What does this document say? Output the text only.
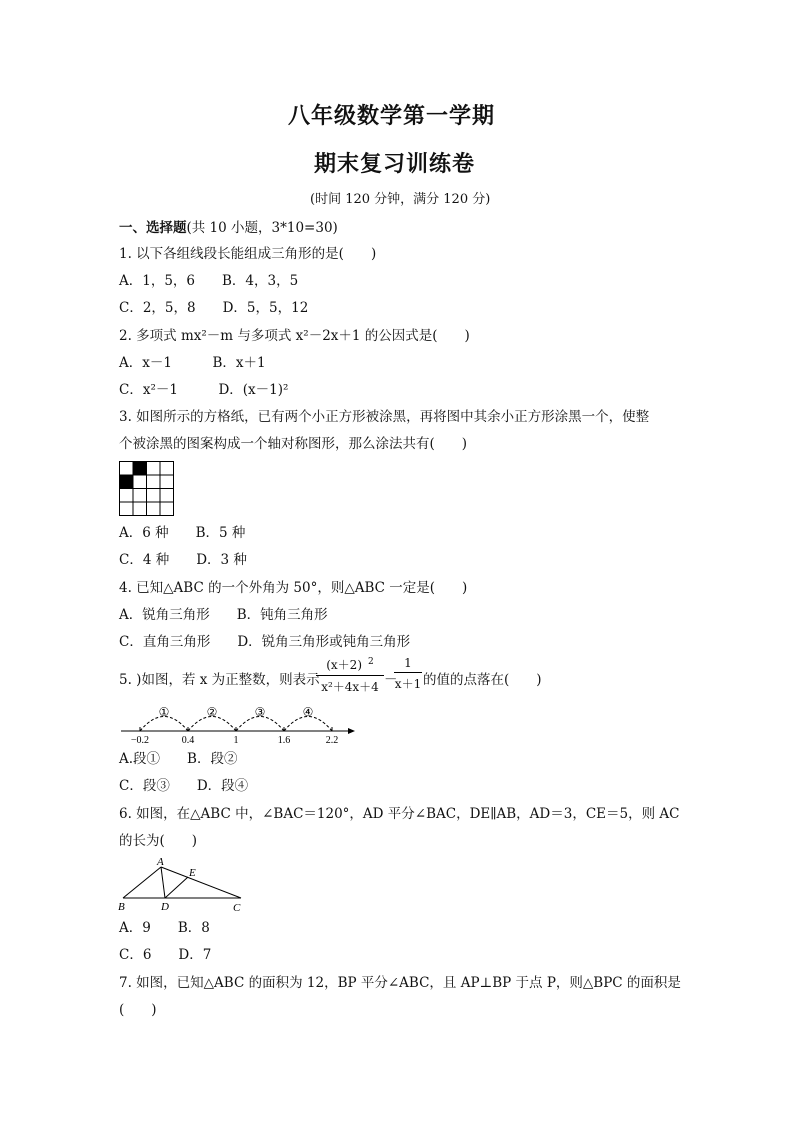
八年级数学第一学期
期末复习训练卷
(时间 120 分钟，满分 120 分)
一、选择题(共 10 小题，3*10=30)
1. 以下各组线段长能组成三角形的是(　　)
A．1，5，6　　B．4，3，5
C．2，5，8　　D．5，5，12
2. 多项式 mx²－m 与多项式 x²－2x＋1 的公因式是(　　)
A．x－1　　　B．x＋1
C．x²－1　　　D．(x－1)²
3. 如图所示的方格纸，已有两个小正方形被涂黑，再将图中其余小正方形涂黑一个，使整
个被涂黑的图案构成一个轴对称图形，那么涂法共有(　　)
A．6 种　　B．5 种
C．4 种　　D．3 种
4. 已知△ABC 的一个外角为 50°，则△ABC 一定是(　　)
A．锐角三角形　　B．钝角三角形
C．直角三角形　　D．锐角三角形或钝角三角形
5. )如图，若 x 为正整数，则表示
(x＋2) $^2$
x²＋4x＋4 －
$\frac{1}{x+1}$ 的值的点落在(　　)
①	②	③	④
−0.2	0.4	1	1.6	2.2
A.段①　　B．段②
C．段③　　D．段④
6. 如图，在△ABC 中，∠BAC＝120°，AD 平分∠BAC，DE∥AB，AD＝3，CE＝5，则 AC
的长为(　　)
A
E
B	D	C
A．9　　B．8
C．6　　D．7
7. 如图，已知△ABC 的面积为 12，BP 平分∠ABC，且 AP⊥BP 于点 P，则△BPC 的面积是
(　　)
